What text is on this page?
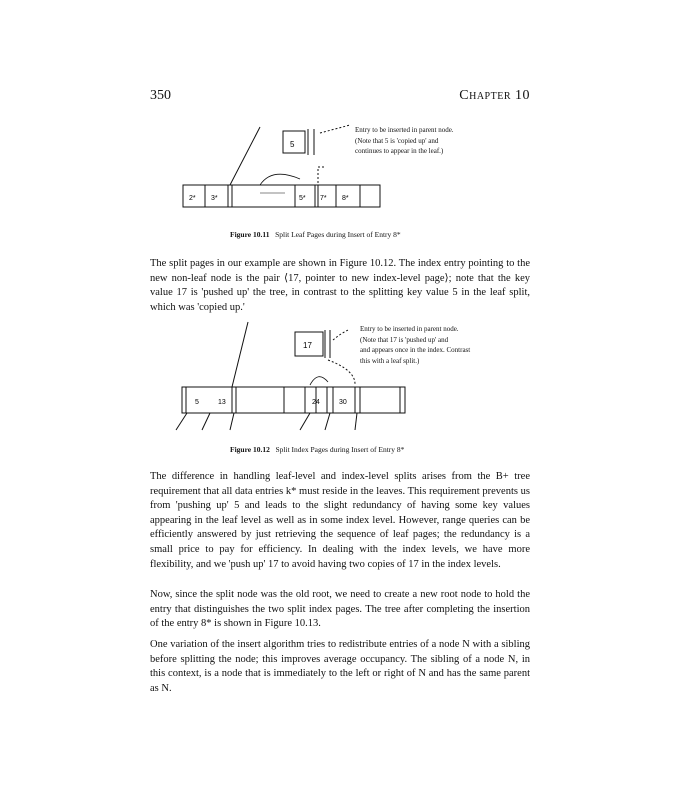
350	Chapter 10
5
2* 3*	5* 7* 8*
Entry to be inserted in parent node.
(Note that 5 is 'copied up' and
continues to appear in the leaf.)
Figure 10.11 Split Leaf Pages during Insert of Entry 8*
The split pages in our example are shown in Figure 10.12. The index entry pointing to the new non-leaf node is the pair ⟨17, pointer to new index-level page⟩; note that the key value 17 is 'pushed up' the tree, in contrast to the splitting key value 5 in the leaf split, which was 'copied up.'
17
5	13	24	30
Entry to be inserted in parent node.
(Note that 17 is 'pushed up' and
and appears once in the index. Contrast
this with a leaf split.)
Figure 10.12 Split Index Pages during Insert of Entry 8*
The difference in handling leaf-level and index-level splits arises from the B+ tree requirement that all data entries k* must reside in the leaves. This requirement prevents us from 'pushing up' 5 and leads to the slight redundancy of having some key values appearing in the leaf level as well as in some index level. However, range queries can be efficiently answered by just retrieving the sequence of leaf pages; the redundancy is a small price to pay for efficiency. In dealing with the index levels, we have more flexibility, and we 'push up' 17 to avoid having two copies of 17 in the index levels.
Now, since the split node was the old root, we need to create a new root node to hold the entry that distinguishes the two split index pages. The tree after completing the insertion of the entry 8* is shown in Figure 10.13.
One variation of the insert algorithm tries to redistribute entries of a node N with a sibling before splitting the node; this improves average occupancy. The sibling of a node N, in this context, is a node that is immediately to the left or right of N and has the same parent as N.
